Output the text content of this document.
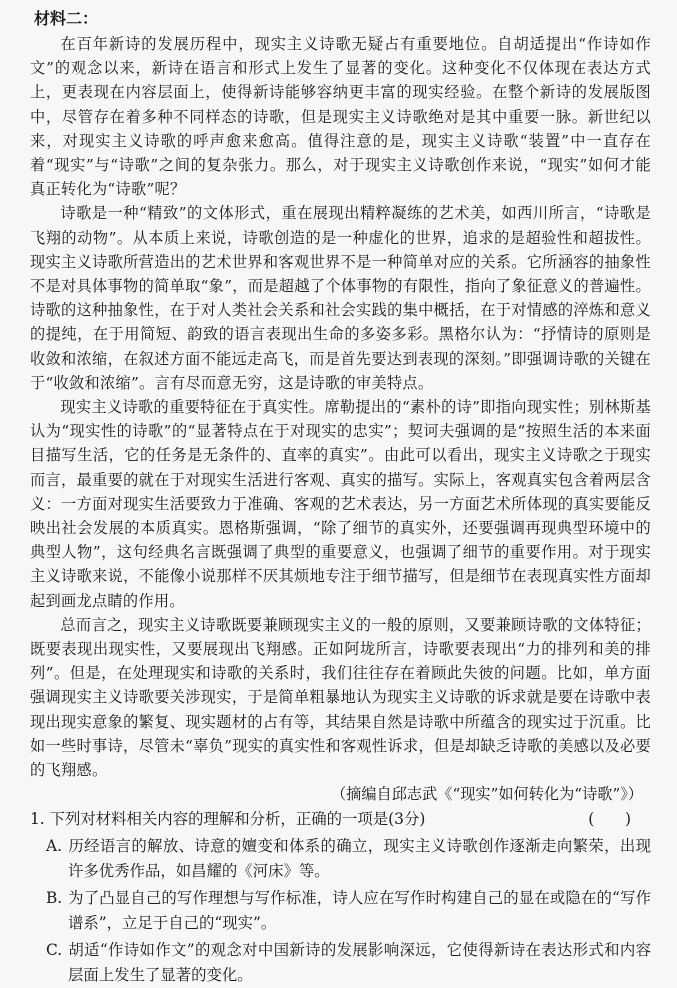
材料二：

在百年新诗的发展历程中，现实主义诗歌无疑占有重要地位。自胡适提出“作诗如作文”的观念以来，新诗在语言和形式上发生了显著的变化。这种变化不仅体现在表达方式上，更表现在内容层面上，使得新诗能够容纳更丰富的现实经验。在整个新诗的发展版图中，尽管存在着多种不同样态的诗歌，但是现实主义诗歌绝对是其中重要一脉。新世纪以来，对现实主义诗歌的呼声愈来愈高。值得注意的是，现实主义诗歌“装置”中一直存在着“现实”与“诗歌”之间的复杂张力。那么，对于现实主义诗歌创作来说，“现实”如何才能真正转化为“诗歌”呢？

诗歌是一种“精致”的文体形式，重在展现出精粹凝练的艺术美，如西川所言，“诗歌是飞翔的动物”。从本质上来说，诗歌创造的是一种虚化的世界，追求的是超验性和超拔性。现实主义诗歌所营造出的艺术世界和客观世界不是一种简单对应的关系。它所涵容的抽象性不是对具体事物的简单取“象”，而是超越了个体事物的有限性，指向了象征意义的普遍性。诗歌的这种抽象性，在于对人类社会关系和社会实践的集中概括，在于对情感的淬炼和意义的提纯，在于用简短、韵致的语言表现出生命的多姿多彩。黑格尔认为：“抒情诗的原则是收敛和浓缩，在叙述方面不能远走高飞，而是首先要达到表现的深刻。”即强调诗歌的关键在于“收敛和浓缩”。言有尽而意无穷，这是诗歌的审美特点。

现实主义诗歌的重要特征在于真实性。席勒提出的“素朴的诗”即指向现实性；别林斯基认为“现实性的诗歌”的“显著特点在于对现实的忠实”；契诃夫强调的是“按照生活的本来面目描写生活，它的任务是无条件的、直率的真实”。由此可以看出，现实主义诗歌之于现实而言，最重要的就在于对现实生活进行客观、真实的描写。实际上，客观真实包含着两层含义：一方面对现实生活要致力于准确、客观的艺术表达，另一方面艺术所体现的真实要能反映出社会发展的本质真实。恩格斯强调，“除了细节的真实外，还要强调再现典型环境中的典型人物”，这句经典名言既强调了典型的重要意义，也强调了细节的重要作用。对于现实主义诗歌来说，不能像小说那样不厌其烦地专注于细节描写，但是细节在表现真实性方面却起到画龙点睛的作用。

总而言之，现实主义诗歌既要兼顾现实主义的一般的原则，又要兼顾诗歌的文体特征；既要表现出现实性，又要展现出飞翔感。正如阿垅所言，诗歌要表现出“力的排列和美的排列”。但是，在处理现实和诗歌的关系时，我们往往存在着顾此失彼的问题。比如，单方面强调现实主义诗歌要关涉现实，于是简单粗暴地认为现实主义诗歌的诉求就是要在诗歌中表现出现实意象的繁复、现实题材的占有等，其结果自然是诗歌中所蕴含的现实过于沉重。比如一些时事诗，尽管未“辜负”现实的真实性和客观性诉求，但是却缺乏诗歌的美感以及必要的飞翔感。

（摘编自邱志武《“现实”如何转化为“诗歌”》）

1. 下列对材料相关内容的理解和分析，正确的一项是(3分)	(　　)

A. 历经语言的解放、诗意的嬗变和体系的确立，现实主义诗歌创作逐渐走向繁荣，出现许多优秀作品，如昌耀的《河床》等。

B. 为了凸显自己的写作理想与写作标准，诗人应在写作时构建自己的显在或隐在的“写作谱系”，立足于自己的“现实”。

C. 胡适“作诗如作文”的观念对中国新诗的发展影响深远，它使得新诗在表达形式和内容层面上发生了显著的变化。
